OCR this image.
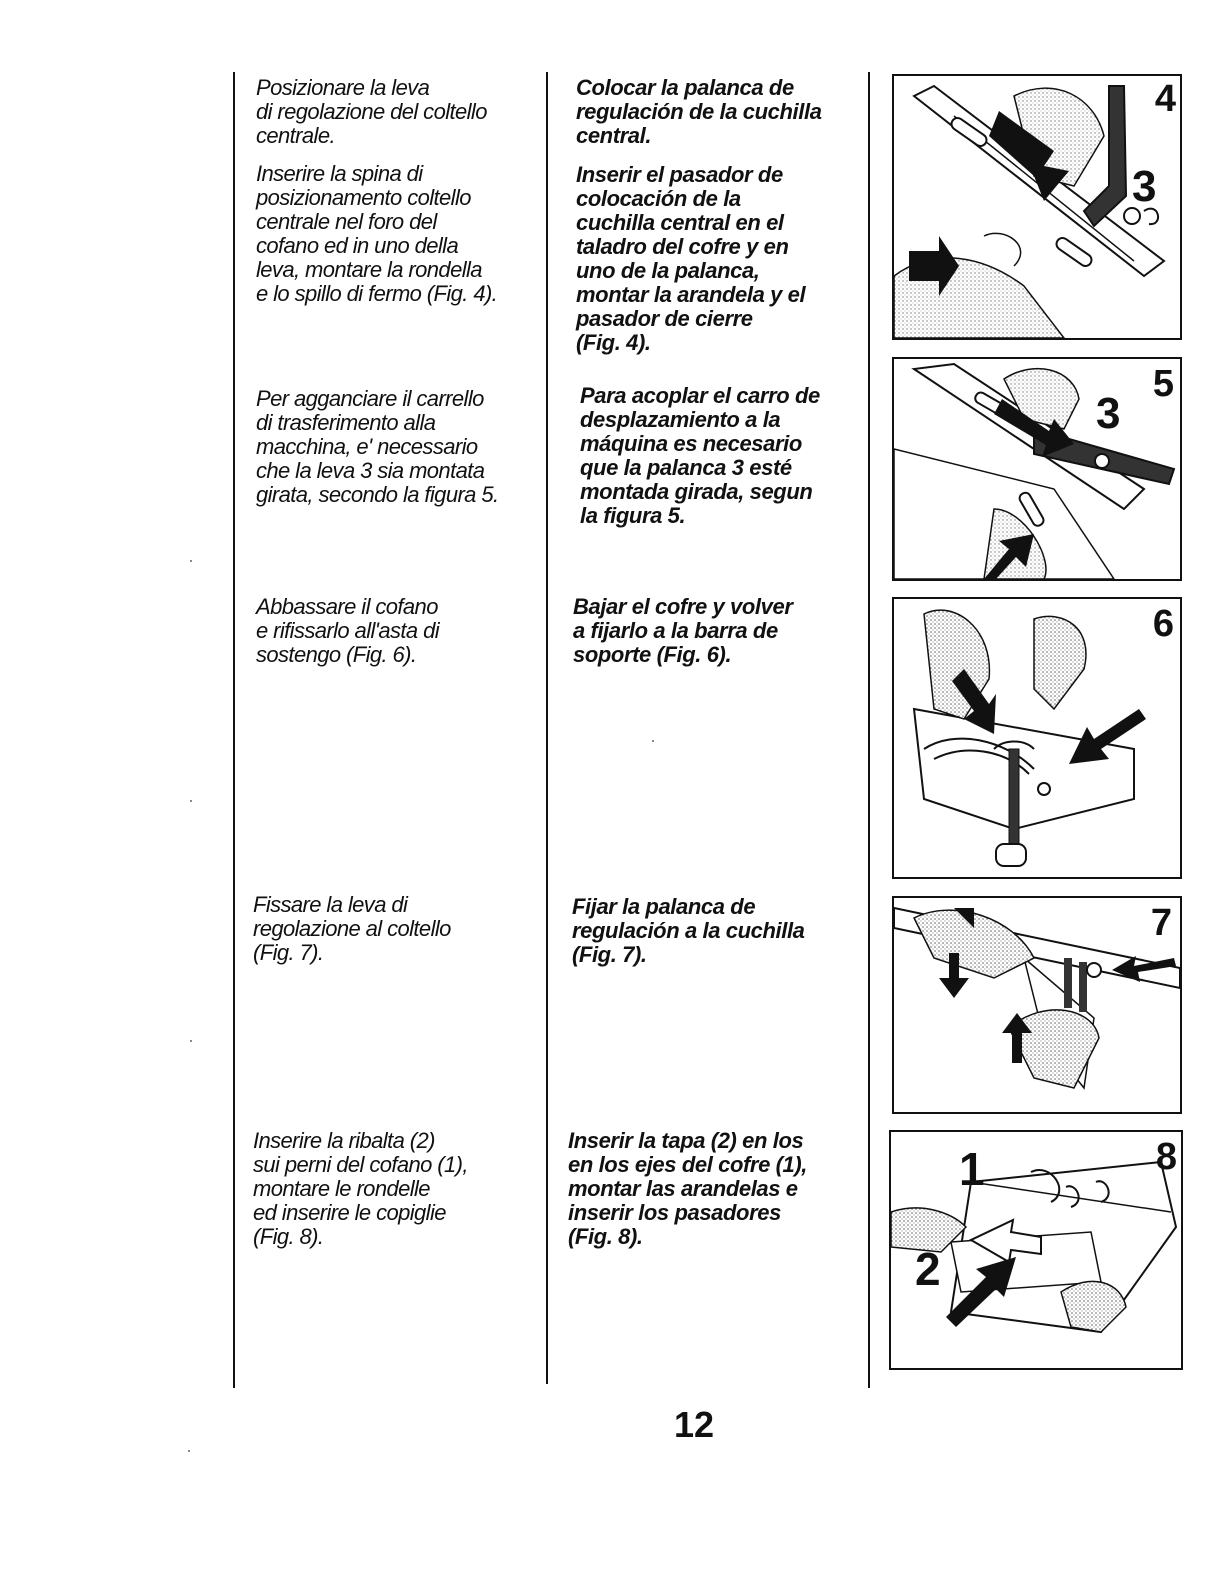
Posizionare la leva
di regolazione del coltello
centrale.
Inserire la spina di
posizionamento coltello
centrale nel foro del
cofano ed in uno della
leva, montare la rondella
e lo spillo di fermo (Fig. 4).
Per agganciare il carrello
di trasferimento alla
macchina, e' necessario
che la leva 3 sia montata
girata, secondo la figura 5.
Abbassare il cofano
e rifissarlo all'asta di
sostengo (Fig. 6).
Fissare la leva di
regolazione al coltello
(Fig. 7).
Inserire la ribalta (2)
sui perni del cofano (1),
montare le rondelle
ed inserire le copiglie
(Fig. 8).
Colocar la palanca de
regulación de la cuchilla
central.
Inserir el pasador de
colocación de la
cuchilla central en el
taladro del cofre y en
uno de la palanca,
montar la arandela y el
pasador de cierre
(Fig. 4).
Para acoplar el carro de
desplazamiento a la
máquina es necesario
que la palanca 3 esté
montada girada, segun
la figura 5.
Bajar el cofre y volver
a fijarlo a la barra de
soporte (Fig. 6).
Fijar la palanca de
regulación a la cuchilla
(Fig. 7).
Inserir la tapa (2) en los
en los ejes del cofre (1),
montar las arandelas e
inserir los pasadores
(Fig. 8).
4
3
5
3
6
7
8
1
2
12
